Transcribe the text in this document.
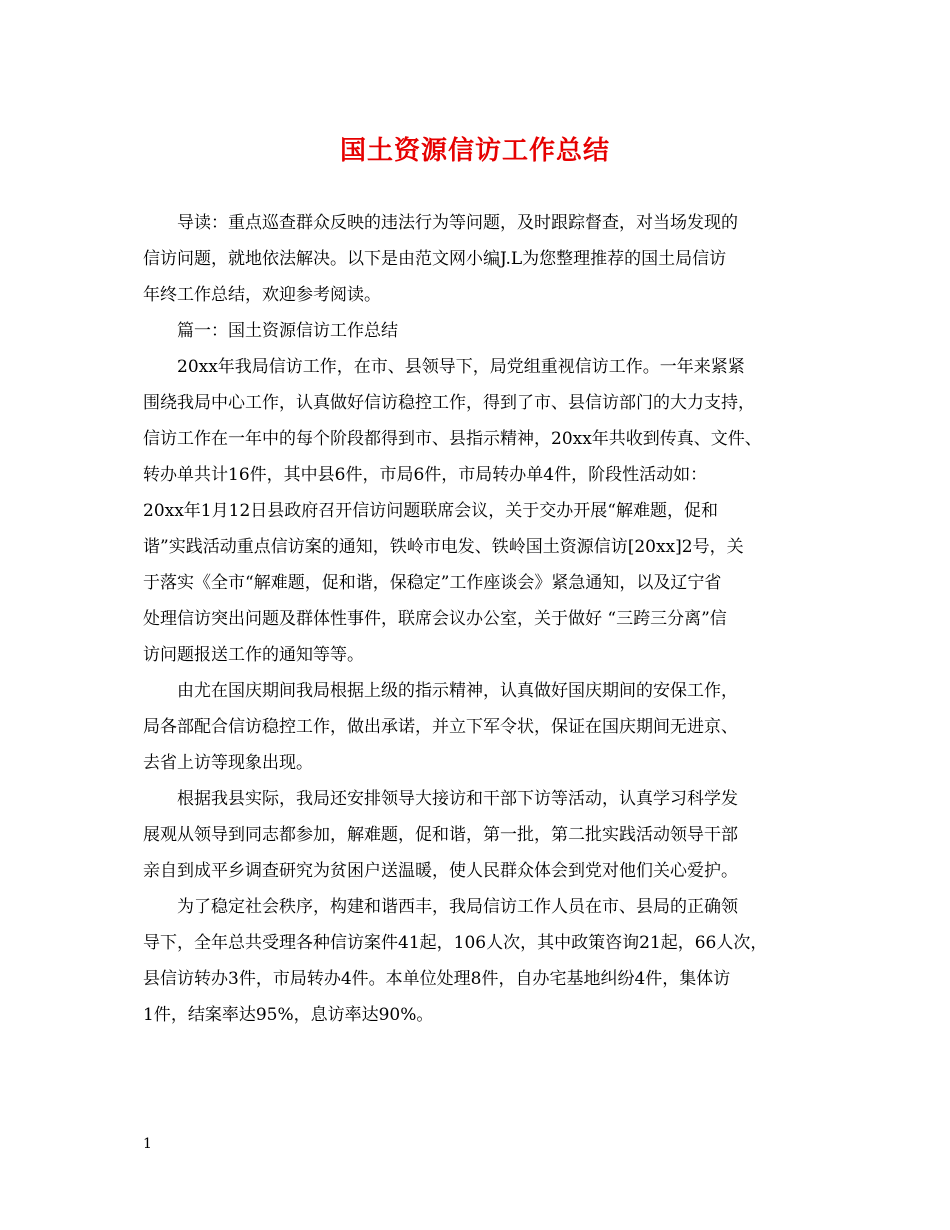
国土资源信访工作总结
导读：重点巡查群众反映的违法行为等问题，及时跟踪督查，对当场发现的
信访问题，就地依法解决。以下是由范文网小编J.L为您整理推荐的国土局信访
年终工作总结，欢迎参考阅读。
篇一：国土资源信访工作总结
20xx年我局信访工作，在市、县领导下，局党组重视信访工作。一年来紧紧
围绕我局中心工作，认真做好信访稳控工作，得到了市、县信访部门的大力支持，
信访工作在一年中的每个阶段都得到市、县指示精神，20xx年共收到传真、文件、
转办单共计16件，其中县6件，市局6件，市局转办单4件，阶段性活动如：
20xx年1月12日县政府召开信访问题联席会议，关于交办开展“解难题，促和
谐”实践活动重点信访案的通知，铁岭市电发、铁岭国土资源信访[20xx]2号，关
于落实《全市“解难题，促和谐，保稳定”工作座谈会》紧急通知，以及辽宁省
处理信访突出问题及群体性事件，联席会议办公室，关于做好 “三跨三分离”信
访问题报送工作的通知等等。
由尤在国庆期间我局根据上级的指示精神，认真做好国庆期间的安保工作，
局各部配合信访稳控工作，做出承诺，并立下军令状，保证在国庆期间无进京、
去省上访等现象出现。
根据我县实际，我局还安排领导大接访和干部下访等活动，认真学习科学发
展观从领导到同志都参加，解难题，促和谐，第一批，第二批实践活动领导干部
亲自到成平乡调查研究为贫困户送温暖，使人民群众体会到党对他们关心爱护。
为了稳定社会秩序，构建和谐西丰，我局信访工作人员在市、县局的正确领
导下，全年总共受理各种信访案件41起，106人次，其中政策咨询21起，66人次，
县信访转办3件，市局转办4件。本单位处理8件，自办宅基地纠纷4件，集体访
1件，结案率达95%，息访率达90%。
1
